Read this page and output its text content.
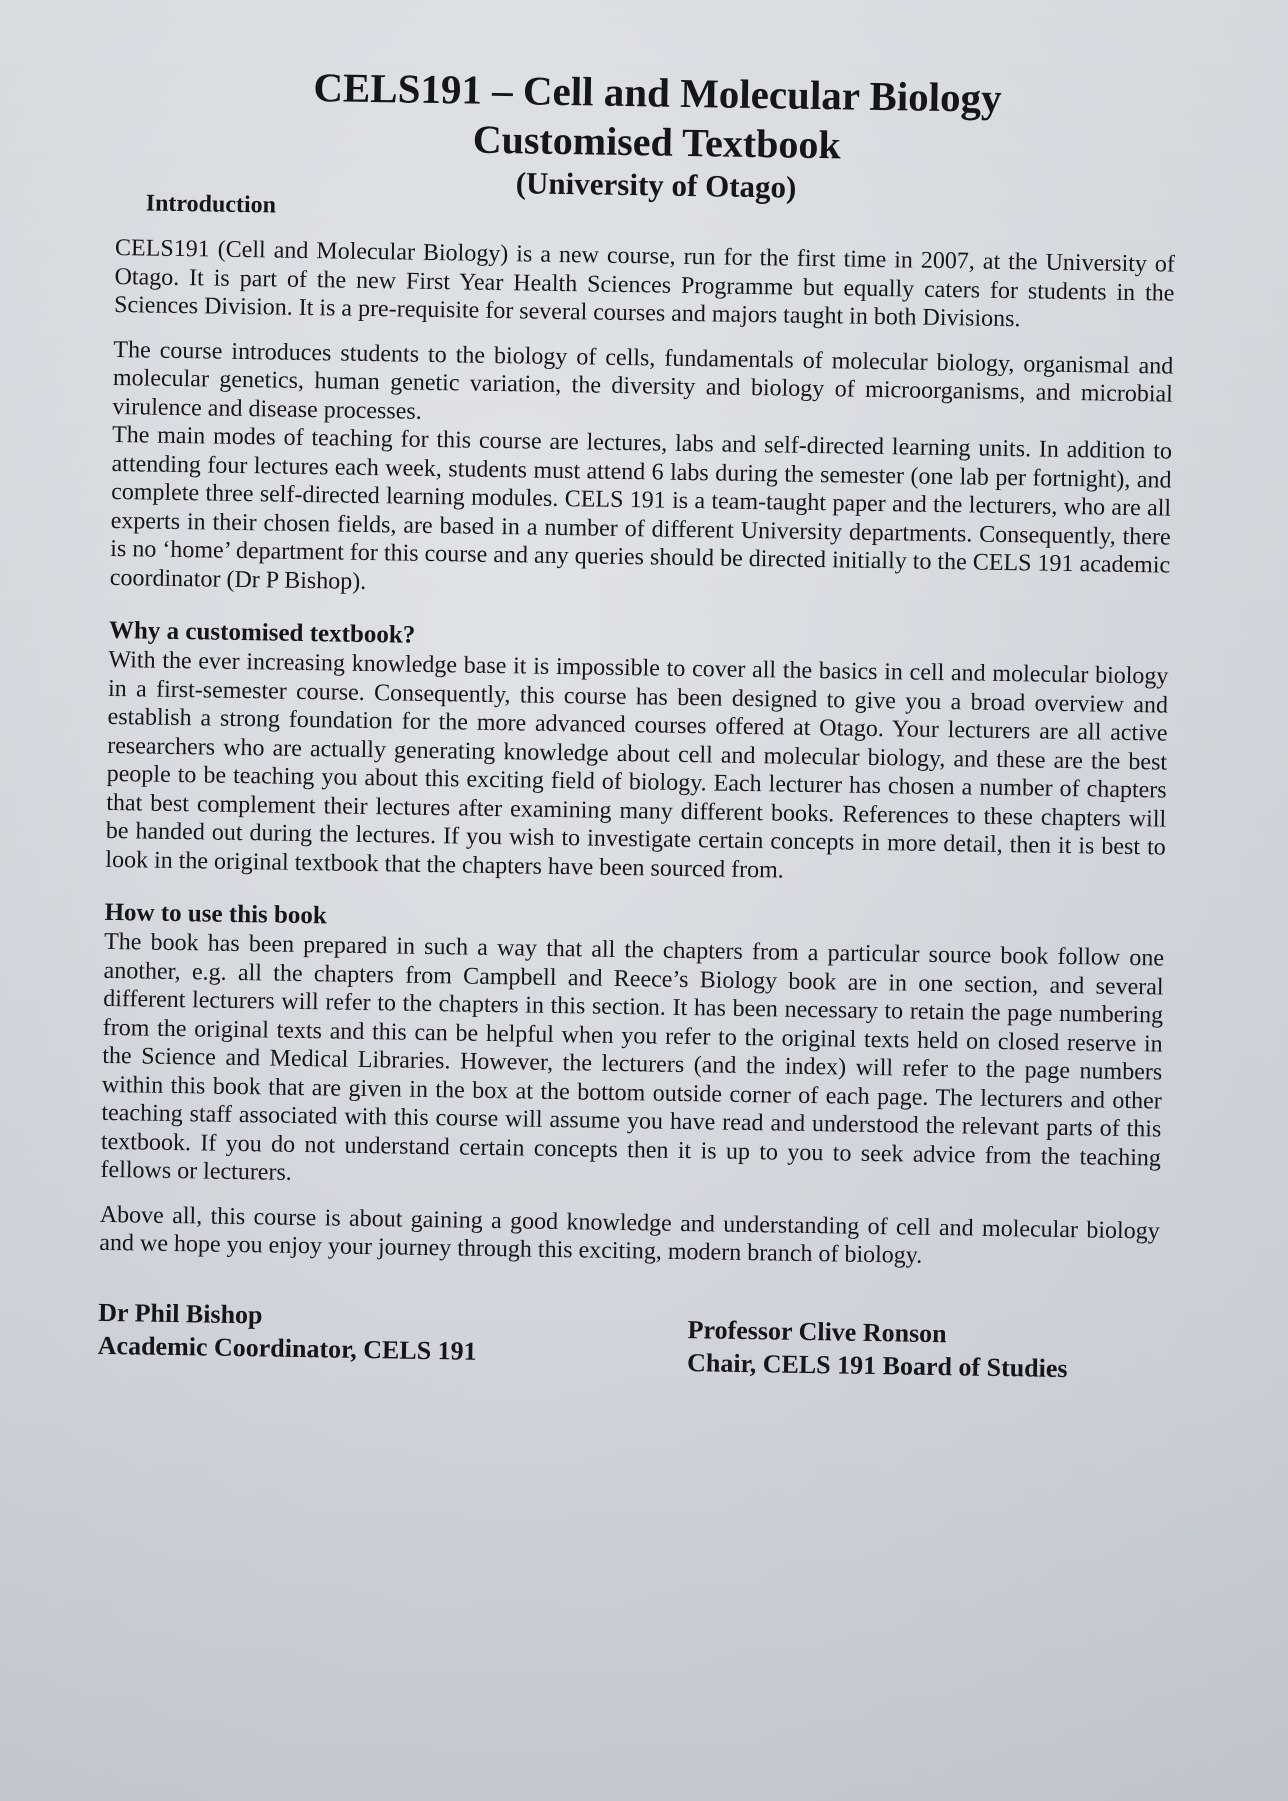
CELS191 – Cell and Molecular Biology
Customised Textbook
(University of Otago)
Introduction

CELS191 (Cell and Molecular Biology) is a new course, run for the first time in 2007, at the University of Otago. It is part of the new First Year Health Sciences Programme but equally caters for students in the Sciences Division. It is a pre-requisite for several courses and majors taught in both Divisions.

The course introduces students to the biology of cells, fundamentals of molecular biology, organismal and molecular genetics, human genetic variation, the diversity and biology of microorganisms, and microbial virulence and disease processes.

The main modes of teaching for this course are lectures, labs and self-directed learning units. In addition to attending four lectures each week, students must attend 6 labs during the semester (one lab per fortnight), and complete three self-directed learning modules. CELS 191 is a team-taught paper and the lecturers, who are all experts in their chosen fields, are based in a number of different University departments. Consequently, there is no ‘home’ department for this course and any queries should be directed initially to the CELS 191 academic coordinator (Dr P Bishop).

Why a customised textbook?

With the ever increasing knowledge base it is impossible to cover all the basics in cell and molecular biology in a first-semester course. Consequently, this course has been designed to give you a broad overview and establish a strong foundation for the more advanced courses offered at Otago. Your lecturers are all active researchers who are actually generating knowledge about cell and molecular biology, and these are the best people to be teaching you about this exciting field of biology. Each lecturer has chosen a number of chapters that best complement their lectures after examining many different books. References to these chapters will be handed out during the lectures. If you wish to investigate certain concepts in more detail, then it is best to look in the original textbook that the chapters have been sourced from.

How to use this book

The book has been prepared in such a way that all the chapters from a particular source book follow one another, e.g. all the chapters from Campbell and Reece’s Biology book are in one section, and several different lecturers will refer to the chapters in this section. It has been necessary to retain the page numbering from the original texts and this can be helpful when you refer to the original texts held on closed reserve in the Science and Medical Libraries. However, the lecturers (and the index) will refer to the page numbers within this book that are given in the box at the bottom outside corner of each page. The lecturers and other teaching staff associated with this course will assume you have read and understood the relevant parts of this textbook. If you do not understand certain concepts then it is up to you to seek advice from the teaching fellows or lecturers.

Above all, this course is about gaining a good knowledge and understanding of cell and molecular biology and we hope you enjoy your journey through this exciting, modern branch of biology.

Dr Phil Bishop
Academic Coordinator, CELS 191	Professor Clive Ronson
Chair, CELS 191 Board of Studies
